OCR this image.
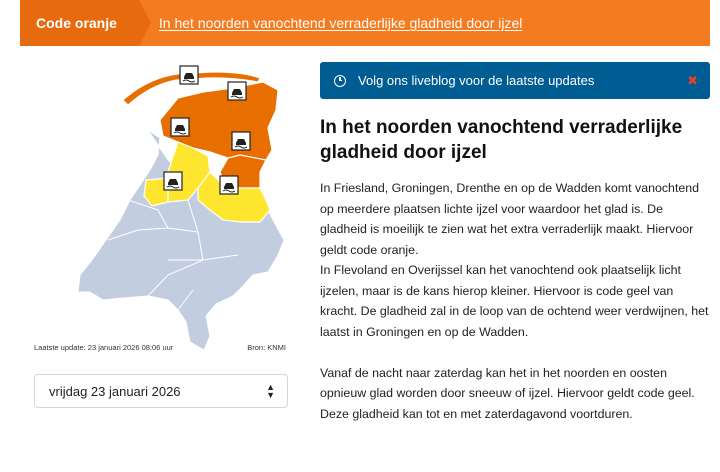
Code oranje	In het noorden vanochtend verraderlijke gladheid door ijzel
Laatste update: 23 januari 2026 08:06 uur	Bron: KNMI
vrijdag 23 januari 2026	▲
▼
Volg ons liveblog voor de laatste updates	✖
In het noorden vanochtend verraderlijke gladheid door ijzel

In Friesland, Groningen, Drenthe en op de Wadden komt vanochtend op meerdere plaatsen lichte ijzel voor waardoor het glad is. De gladheid is moeilijk te zien wat het extra verraderlijk maakt. Hiervoor geldt code oranje.

In Flevoland en Overijssel kan het vanochtend ook plaatselijk licht ijzelen, maar is de kans hierop kleiner. Hiervoor is code geel van kracht. De gladheid zal in de loop van de ochtend weer verdwijnen, het laatst in Groningen en op de Wadden.

Vanaf de nacht naar zaterdag kan het in het noorden en oosten opnieuw glad worden door sneeuw of ijzel. Hiervoor geldt code geel. Deze gladheid kan tot en met zaterdagavond voortduren.
